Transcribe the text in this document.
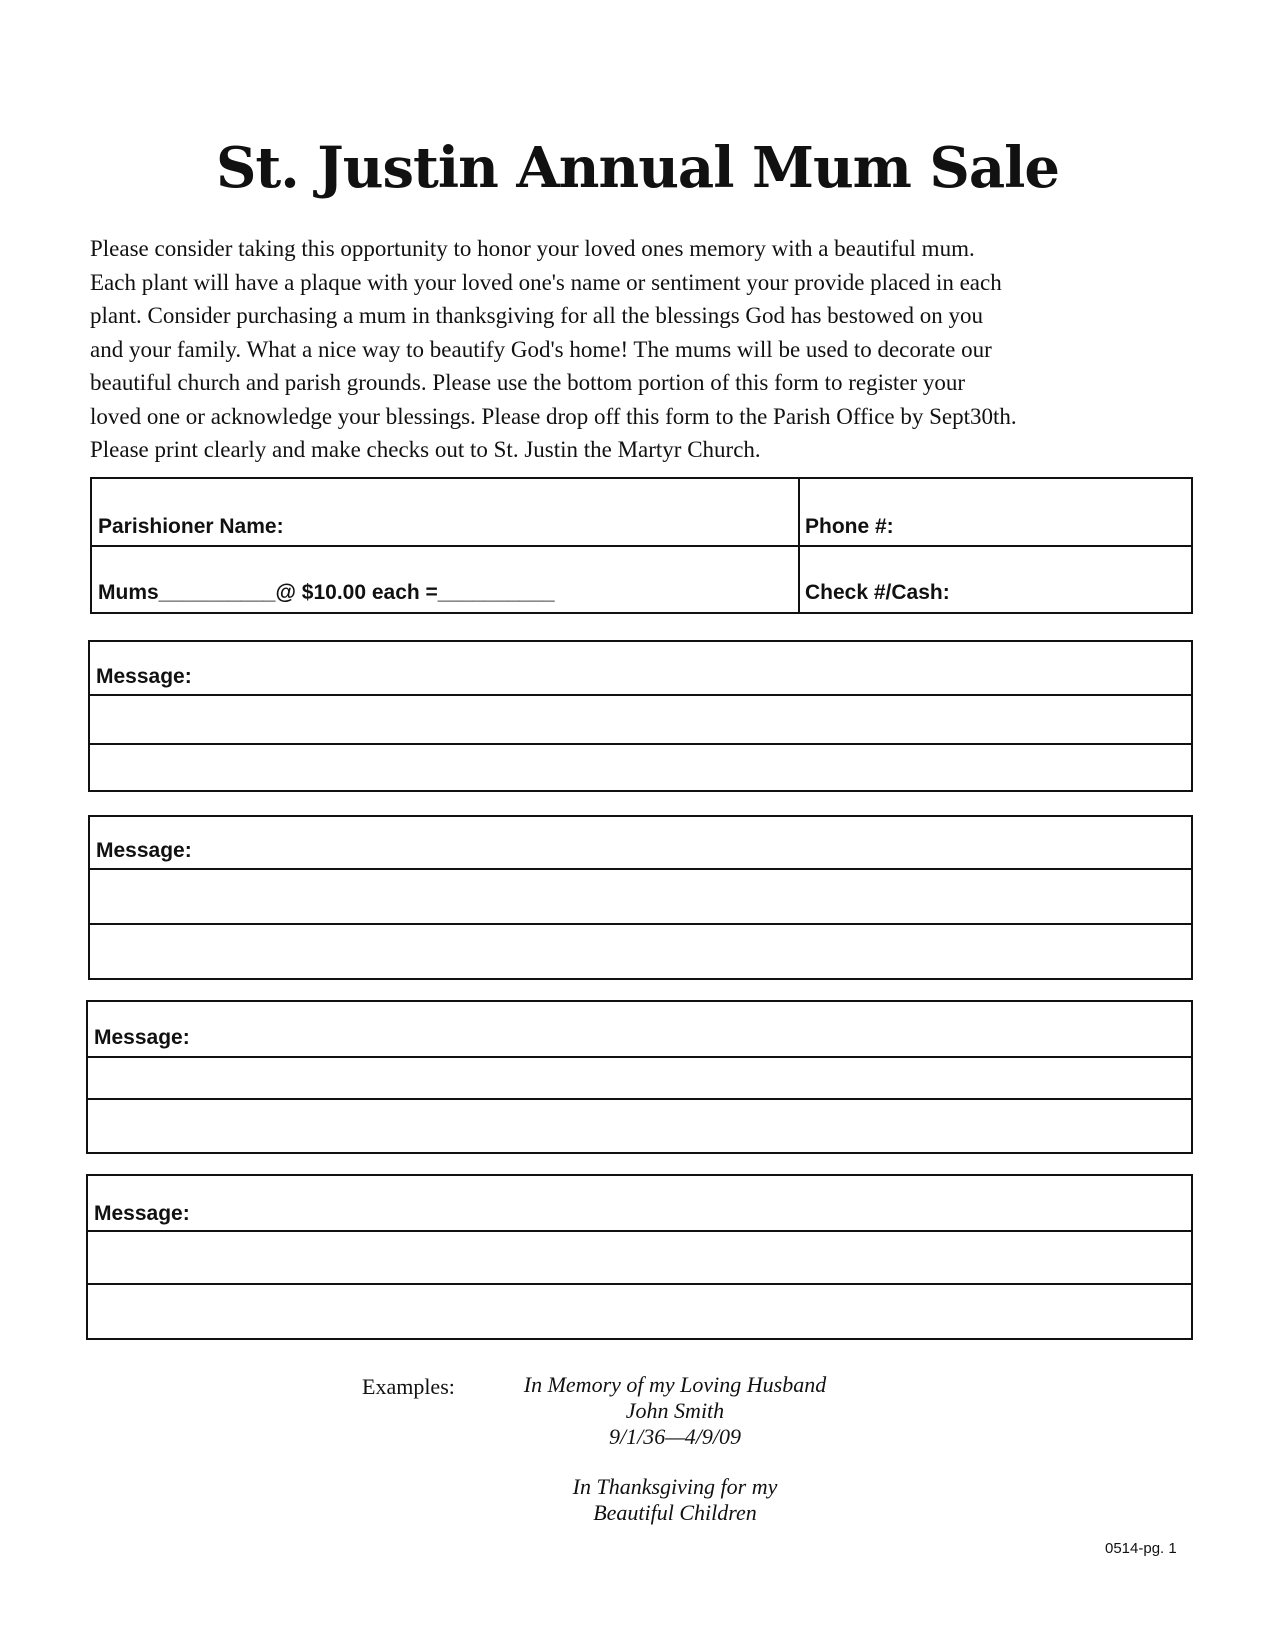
St. Justin Annual Mum Sale

Please consider taking this opportunity to honor your loved ones memory with a beautiful mum.
Each plant will have a plaque with your loved one's name or sentiment your provide placed in each
plant. Consider purchasing a mum in thanksgiving for all the blessings God has bestowed on you
and your family. What a nice way to beautify God's home! The mums will be used to decorate our
beautiful church and parish grounds. Please use the bottom portion of this form to register your
loved one or acknowledge your blessings. Please drop off this form to the Parish Office by Sept30th.
Please print clearly and make checks out to St. Justin the Martyr Church.

Parishioner Name:	Phone #:
Mums__________@ $10.00 each =__________	Check #/Cash:
Message:
Message:
Message:
Message:
Examples:	In Memory of my Loving Husband
John Smith
9/1/36—4/9/09
In Thanksgiving for my
Beautiful Children
0514-pg. 1
